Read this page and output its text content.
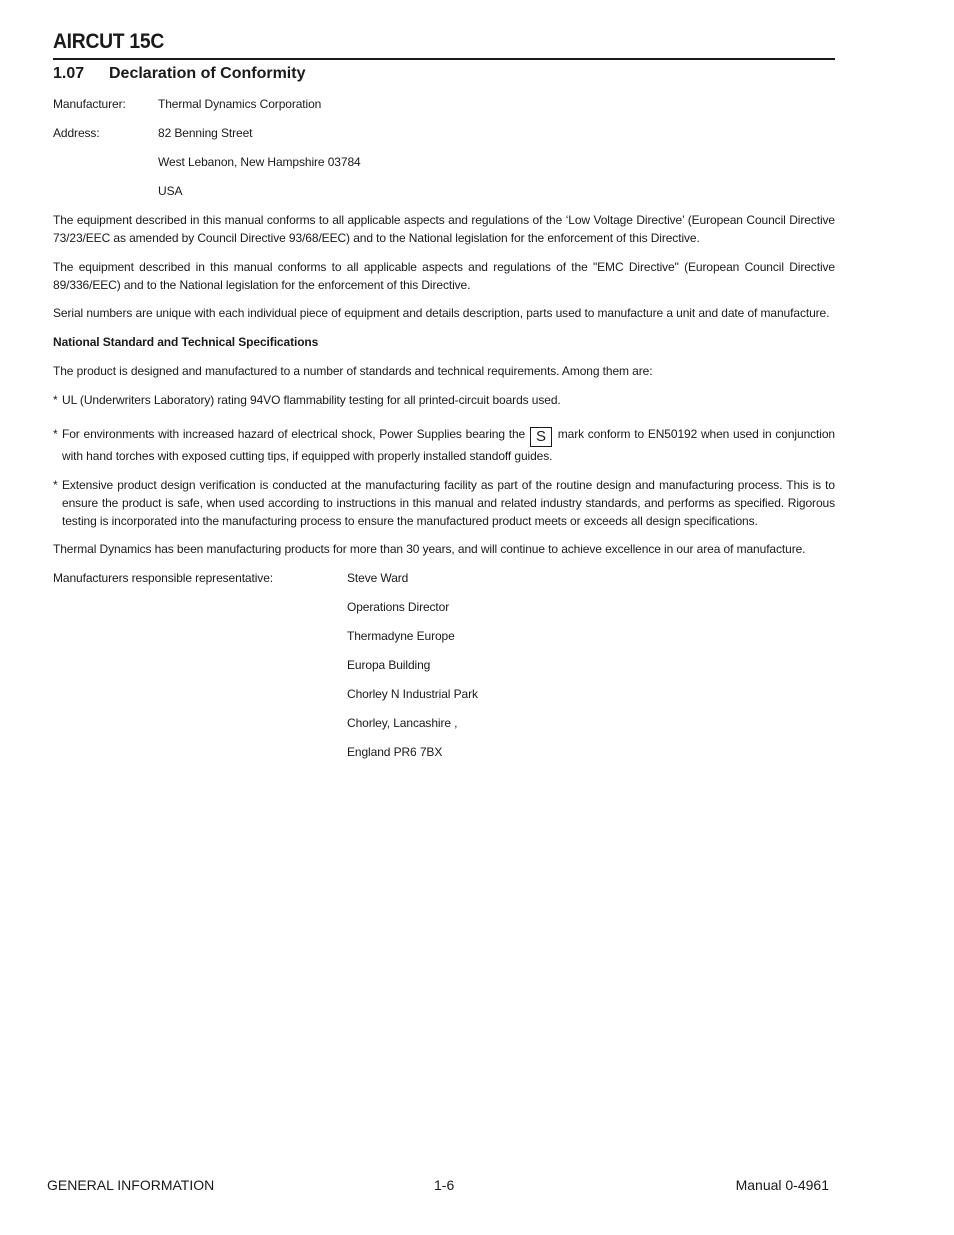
AIRCUT 15C
1.07 Declaration of Conformity
Manufacturer:	Thermal Dynamics Corporation
Address:	82 Benning Street
West Lebanon, New Hampshire 03784
USA

The equipment described in this manual conforms to all applicable aspects and regulations of the ‘Low Voltage Directive’ (European Council Directive 73/23/EEC as amended by Council Directive 93/68/EEC) and to the National legislation for the enforcement of this Directive.

The equipment described in this manual conforms to all applicable aspects and regulations of the "EMC Directive" (European Council Directive 89/336/EEC) and to the National legislation for the enforcement of this Directive.

Serial numbers are unique with each individual piece of equipment and details description, parts used to manufacture a unit and date of manufacture.

National Standard and Technical Specifications

The product is designed and manufactured to a number of standards and technical requirements. Among them are:

* UL (Underwriters Laboratory) rating 94VO flammability testing for all printed-circuit boards used.
* For environments with increased hazard of electrical shock, Power Supplies bearing the S mark conform to EN50192 when used in conjunction with hand torches with exposed cutting tips, if equipped with properly installed standoff guides.
* Extensive product design verification is conducted at the manufacturing facility as part of the routine design and manufacturing process. This is to ensure the product is safe, when used according to instructions in this manual and related industry standards, and performs as specified. Rigorous testing is incorporated into the manufacturing process to ensure the manufactured product meets or exceeds all design specifications.

Thermal Dynamics has been manufacturing products for more than 30 years, and will continue to achieve excellence in our area of manufacture.

Manufacturers responsible representative:	Steve Ward
Operations Director
Thermadyne Europe
Europa Building
Chorley N Industrial Park
Chorley, Lancashire ,
England PR6 7BX
GENERAL INFORMATION	1-6	Manual 0-4961
